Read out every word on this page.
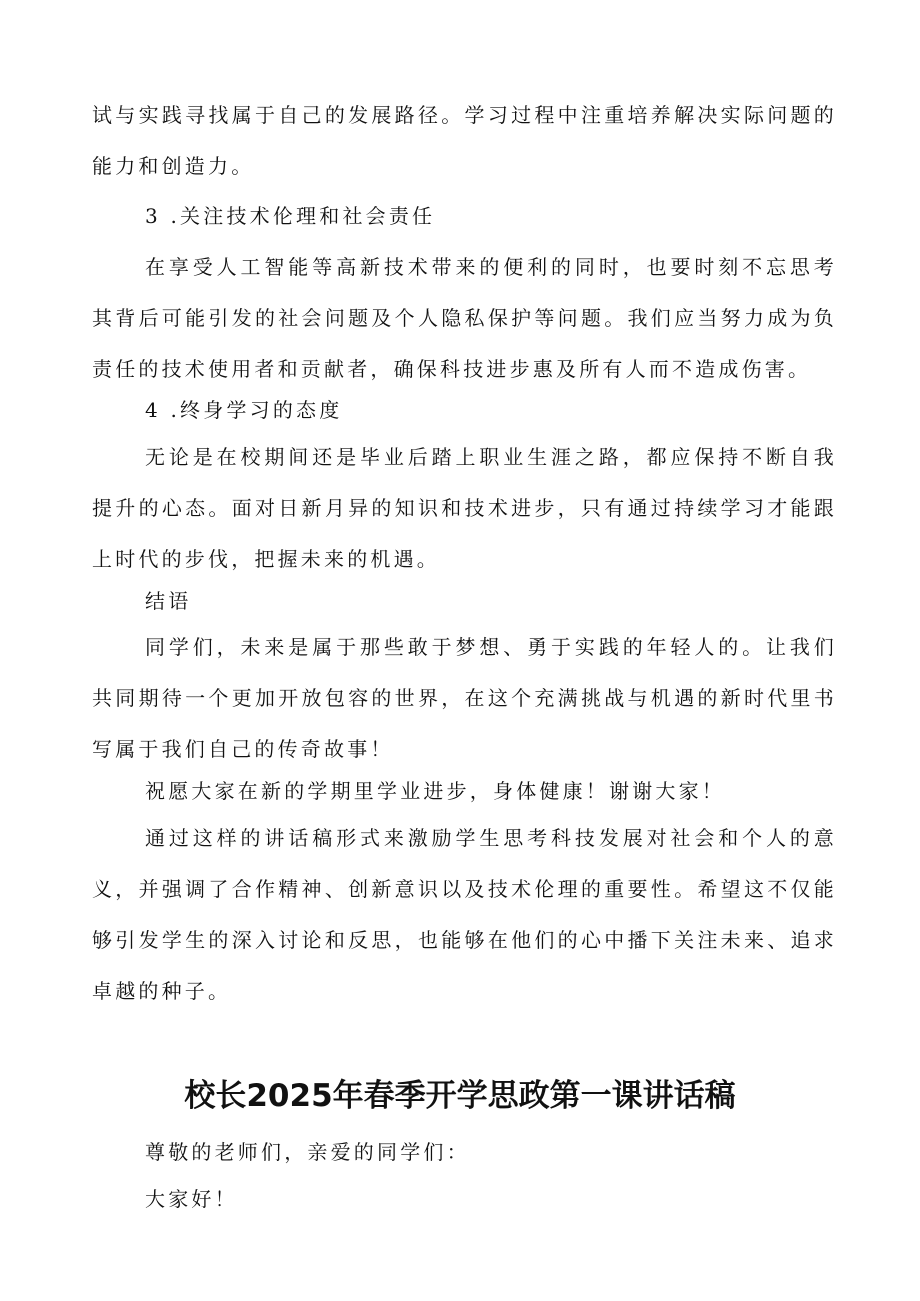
试与实践寻找属于自己的发展路径。学习过程中注重培养解决实际问题的能力和创造力。

3 .关注技术伦理和社会责任

在享受人工智能等高新技术带来的便利的同时，也要时刻不忘思考其背后可能引发的社会问题及个人隐私保护等问题。我们应当努力成为负责任的技术使用者和贡献者，确保科技进步惠及所有人而不造成伤害。

4 .终身学习的态度

无论是在校期间还是毕业后踏上职业生涯之路，都应保持不断自我提升的心态。面对日新月异的知识和技术进步，只有通过持续学习才能跟上时代的步伐，把握未来的机遇。

结语

同学们，未来是属于那些敢于梦想、勇于实践的年轻人的。让我们共同期待一个更加开放包容的世界，在这个充满挑战与机遇的新时代里书写属于我们自己的传奇故事！

祝愿大家在新的学期里学业进步，身体健康！谢谢大家！

通过这样的讲话稿形式来激励学生思考科技发展对社会和个人的意义，并强调了合作精神、创新意识以及技术伦理的重要性。希望这不仅能够引发学生的深入讨论和反思，也能够在他们的心中播下关注未来、追求卓越的种子。

校长2025年春季开学思政第一课讲话稿

尊敬的老师们，亲爱的同学们：

大家好！
